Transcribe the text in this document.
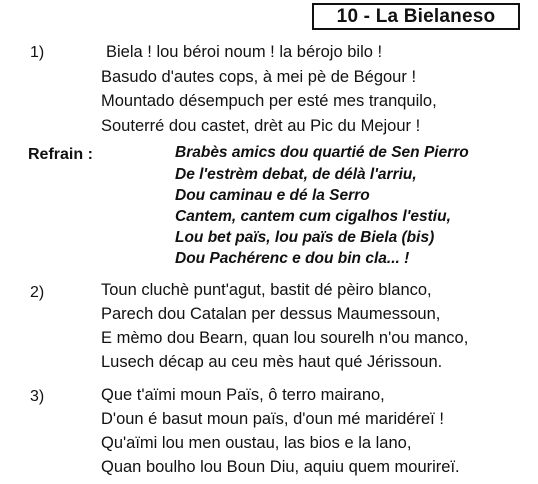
10 - La Bielaneso
1)	Biela ! lou béroi noum ! la bérojo bilo !
Basudo d'autes cops, à mei pè de Bégour !
Mountado désempuch per esté mes tranquilo,
Souterré dou castet, drèt au Pic du Mejour !
Refrain :	Brabès amics dou quartié de Sen Pierro
De l'estrèm debat, de délà l'arriu,
Dou caminau e dé la Serro
Cantem, cantem cum cigalhos l'estiu,
Lou bet païs, lou païs de Biela (bis)
Dou Pachérenc e dou bin cla... !
2)	Toun cluchè punt'agut, bastit dé pèiro blanco,
Parech dou Catalan per dessus Maumessoun,
E mèmo dou Bearn, quan lou sourelh n'ou manco,
Lusech décap au ceu mès haut qué Jérissoun.
3)	Que t'aïmi moun Païs, ô terro mairano,
D'oun é basut moun païs, d'oun mé maridéreï !
Qu'aïmi lou men oustau, las bios e la lano,
Quan boulho lou Boun Diu, aquiu quem mourireï.
